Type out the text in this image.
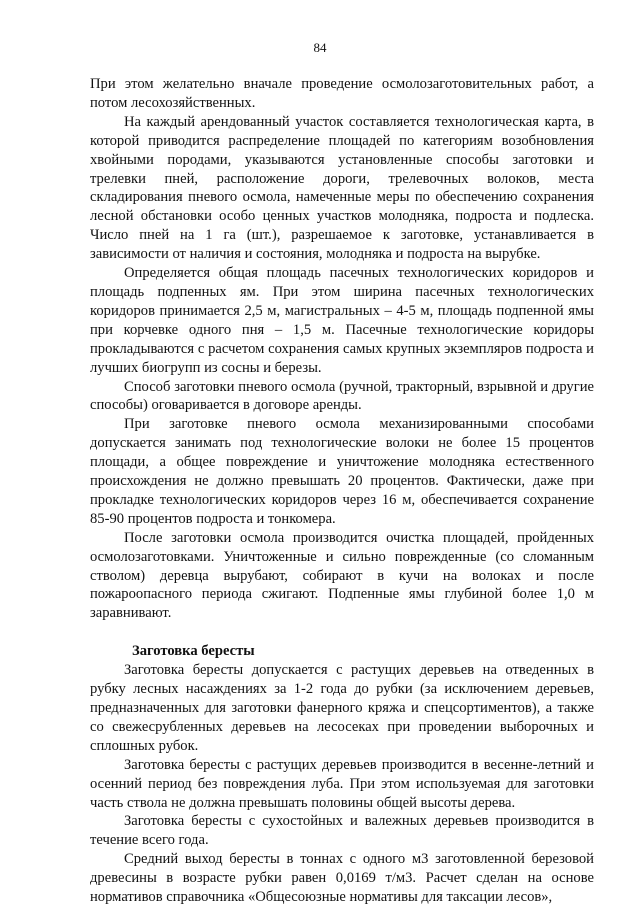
84

При этом желательно вначале проведение осмолозаготовительных работ, а потом лесохозяйственных.

На каждый арендованный участок составляется технологическая карта, в которой приводится распределение площадей по категориям возобновления хвойными породами, указываются установленные способы заготовки и трелевки пней, расположение дороги, трелевочных волоков, места складирования пневого осмола, намеченные меры по обеспечению сохранения лесной обстановки особо ценных участков молодняка, подроста и подлеска. Число пней на 1 га (шт.), разрешаемое к заготовке, устанавливается в зависимости от наличия и состояния, молодняка и подроста на вырубке.

Определяется общая площадь пасечных технологических коридоров и площадь подпенных ям. При этом ширина пасечных технологических коридоров принимается 2,5 м, магистральных – 4-5 м, площадь подпенной ямы при корчевке одного пня – 1,5 м. Пасечные технологические коридоры прокладываются с расчетом сохранения самых крупных экземпляров подроста и лучших биогрупп из сосны и березы.

Способ заготовки пневого осмола (ручной, тракторный, взрывной и другие способы) оговаривается в договоре аренды.

При заготовке пневого осмола механизированными способами допускается занимать под технологические волоки не более 15 процентов площади, а общее повреждение и уничтожение молодняка естественного происхождения не должно превышать 20 процентов. Фактически, даже при прокладке технологических коридоров через 16 м, обеспечивается сохранение 85-90 процентов подроста и тонкомера.

После заготовки осмола производится очистка площадей, пройденных осмолозаготовками. Уничтоженные и сильно поврежденные (со сломанным стволом) деревца вырубают, собирают в кучи на волоках и после пожароопасного периода сжигают. Подпенные ямы глубиной более 1,0 м заравнивают.

Заготовка бересты

Заготовка бересты допускается с растущих деревьев на отведенных в рубку лесных насаждениях за 1-2 года до рубки (за исключением деревьев, предназначенных для заготовки фанерного кряжа и спецсортиментов), а также со свежесрубленных деревьев на лесосеках при проведении выборочных и сплошных рубок.

Заготовка бересты с растущих деревьев производится в весенне-летний и осенний период без повреждения луба. При этом используемая для заготовки часть ствола не должна превышать половины общей высоты дерева.

Заготовка бересты с сухостойных и валежных деревьев производится в течение всего года.

Средний выход бересты в тоннах с одного м3 заготовленной березовой древесины в возрасте рубки равен 0,0169 т/м3. Расчет сделан на основе нормативов справочника «Общесоюзные нормативы для таксации лесов»,
